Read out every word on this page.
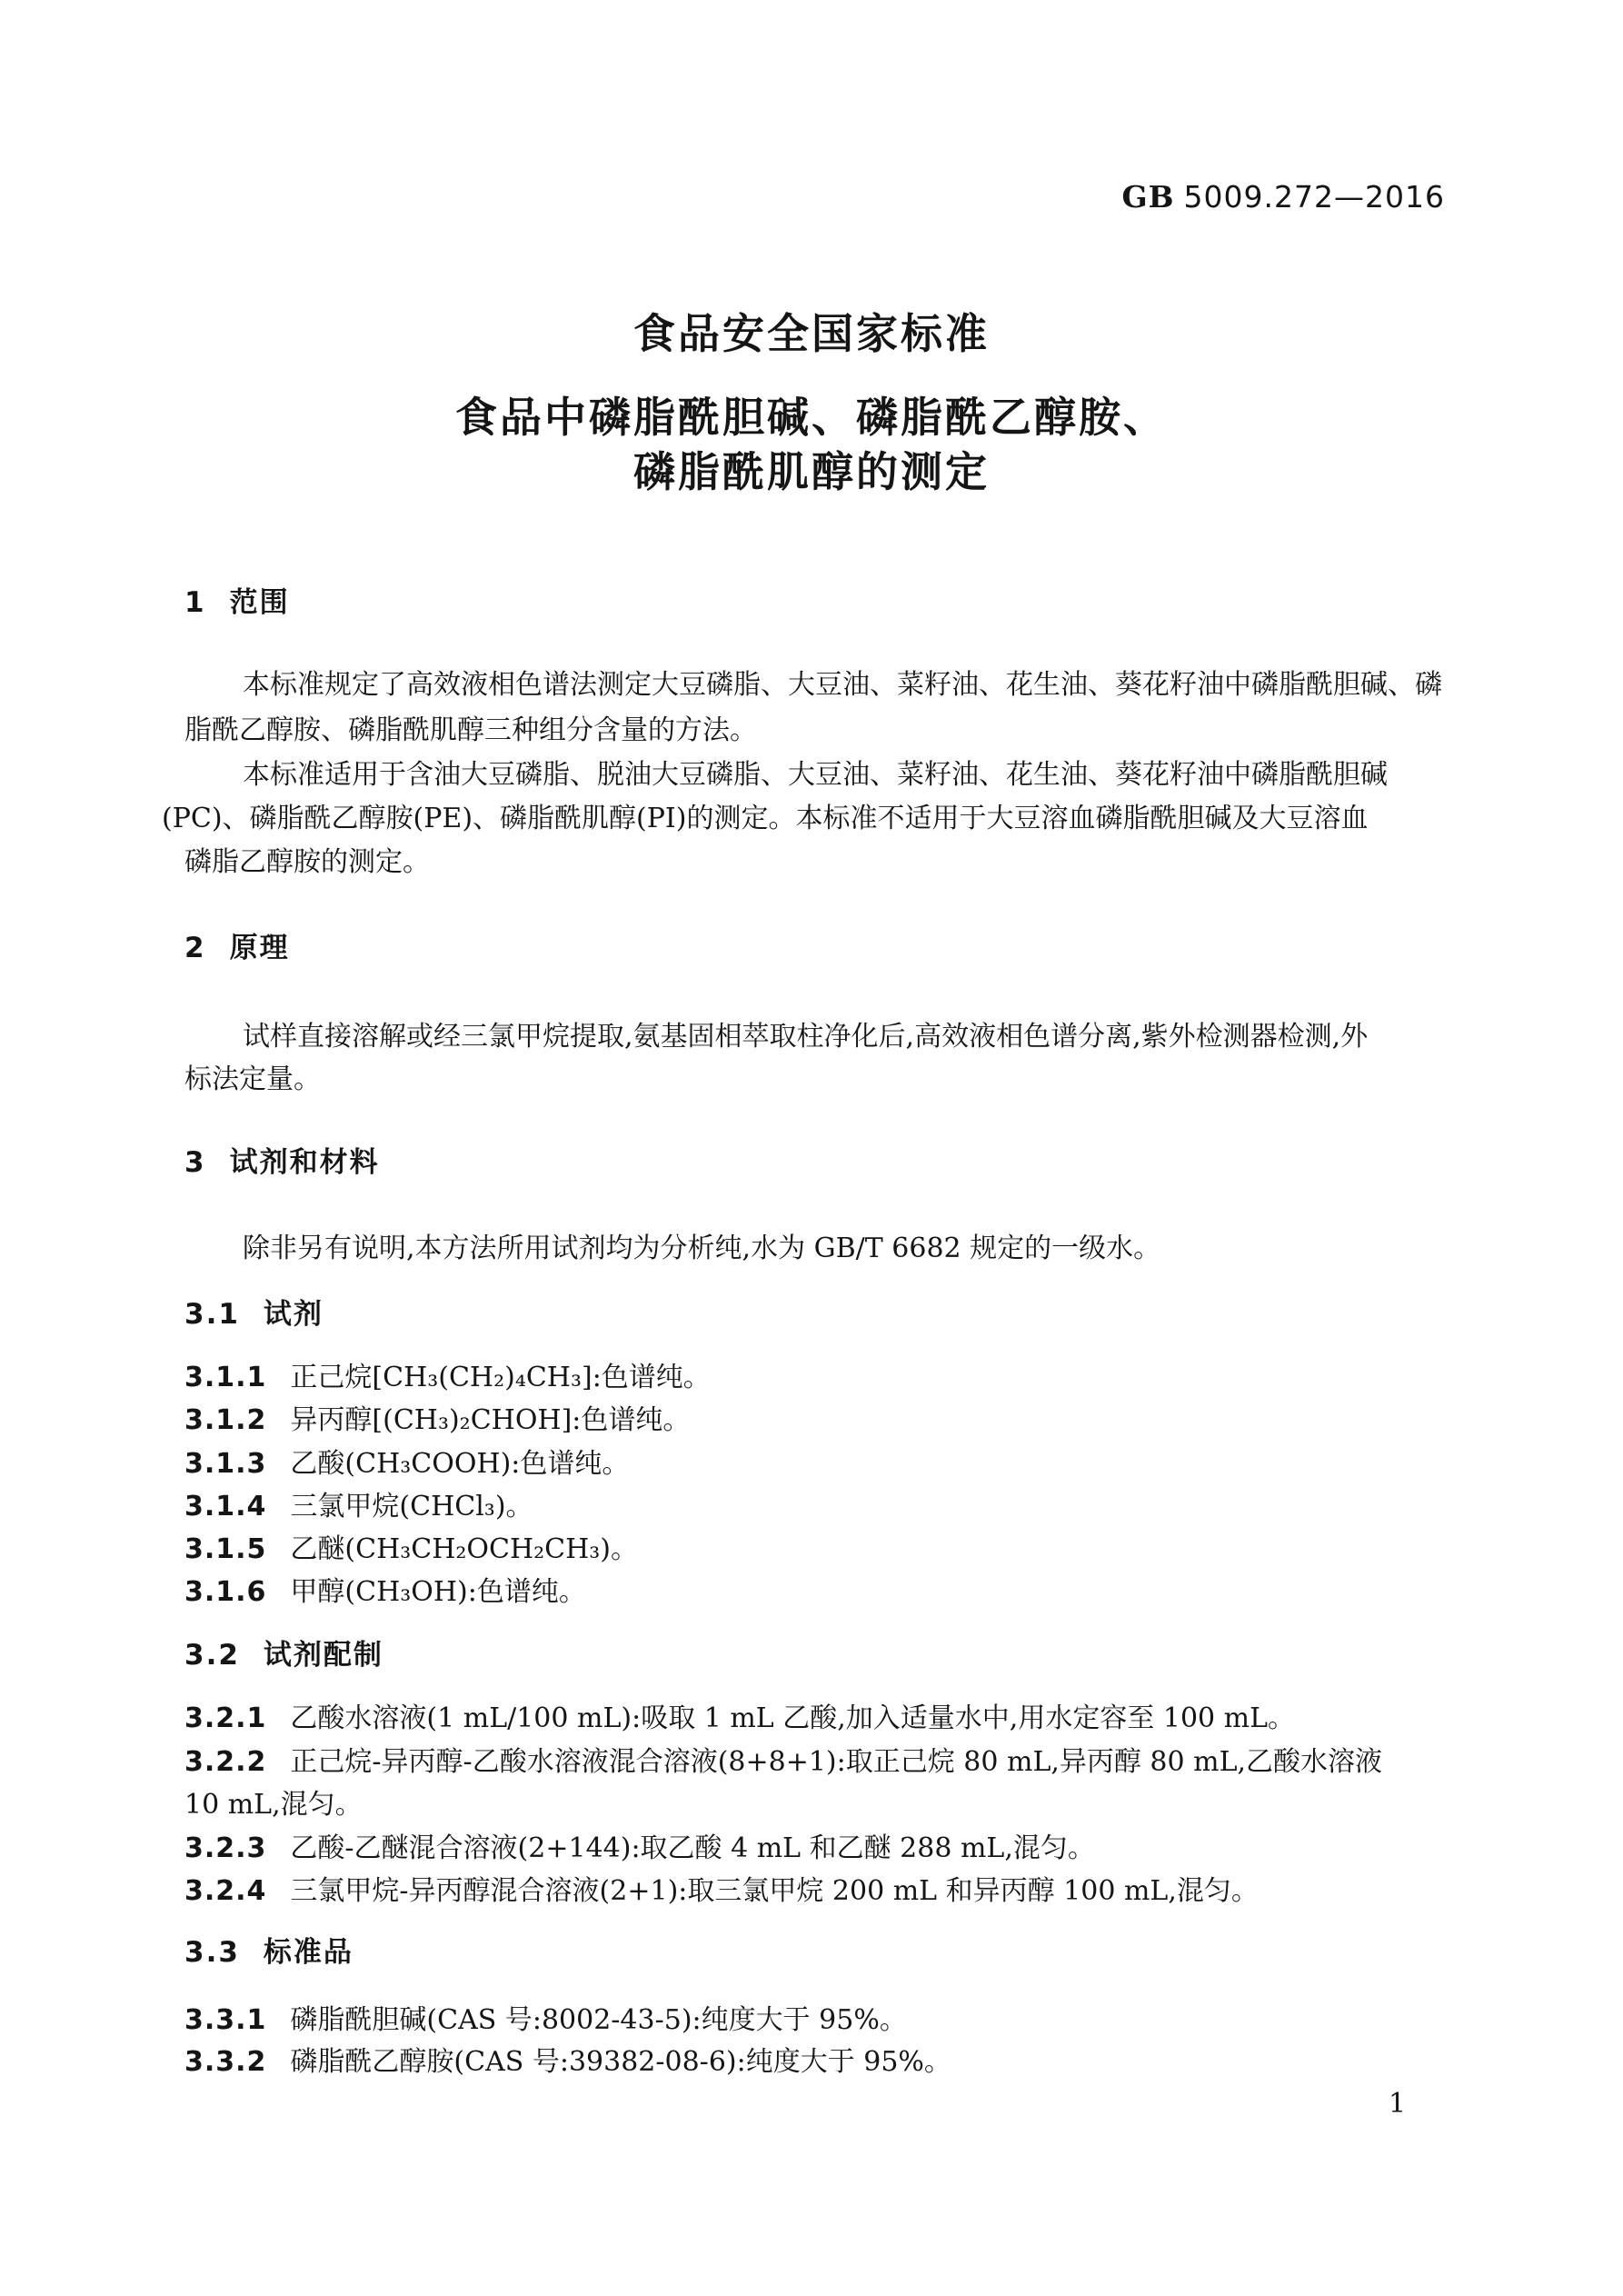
GB 5009.272—2016
食品安全国家标准
食品中磷脂酰胆碱、磷脂酰乙醇胺、
磷脂酰肌醇的测定
1 范围
本标准规定了高效液相色谱法测定大豆磷脂、大豆油、菜籽油、花生油、葵花籽油中磷脂酰胆碱、磷
脂酰乙醇胺、磷脂酰肌醇三种组分含量的方法。
本标准适用于含油大豆磷脂、脱油大豆磷脂、大豆油、菜籽油、花生油、葵花籽油中磷脂酰胆碱
(PC)、磷脂酰乙醇胺(PE)、磷脂酰肌醇(PI)的测定。本标准不适用于大豆溶血磷脂酰胆碱及大豆溶血
磷脂乙醇胺的测定。
2 原理
试样直接溶解或经三氯甲烷提取,氨基固相萃取柱净化后,高效液相色谱分离,紫外检测器检测,外
标法定量。
3 试剂和材料
除非另有说明,本方法所用试剂均为分析纯,水为 GB/T 6682 规定的一级水。
3.1 试剂
3.1.1 正己烷[CH₃(CH₂)₄CH₃]:色谱纯。
3.1.2 异丙醇[(CH₃)₂CHOH]:色谱纯。
3.1.3 乙酸(CH₃COOH):色谱纯。
3.1.4 三氯甲烷(CHCl₃)。
3.1.5 乙醚(CH₃CH₂OCH₂CH₃)。
3.1.6 甲醇(CH₃OH):色谱纯。
3.2 试剂配制
3.2.1 乙酸水溶液(1 mL/100 mL):吸取 1 mL 乙酸,加入适量水中,用水定容至 100 mL。
3.2.2 正己烷-异丙醇-乙酸水溶液混合溶液(8+8+1):取正己烷 80 mL,异丙醇 80 mL,乙酸水溶液
10 mL,混匀。
3.2.3 乙酸-乙醚混合溶液(2+144):取乙酸 4 mL 和乙醚 288 mL,混匀。
3.2.4 三氯甲烷-异丙醇混合溶液(2+1):取三氯甲烷 200 mL 和异丙醇 100 mL,混匀。
3.3 标准品
3.3.1 磷脂酰胆碱(CAS 号:8002-43-5):纯度大于 95%。
3.3.2 磷脂酰乙醇胺(CAS 号:39382-08-6):纯度大于 95%。
1
